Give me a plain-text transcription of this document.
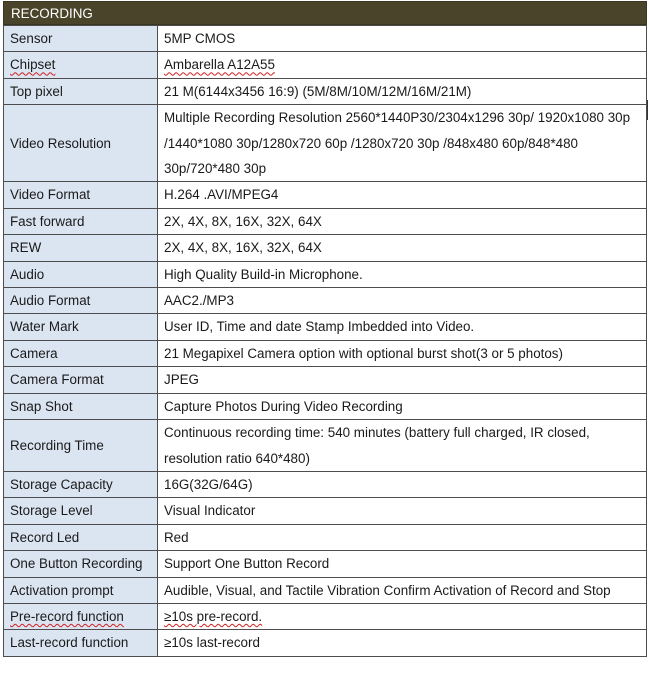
RECORDING
Sensor	5MP CMOS
Chipset	Ambarella A12A55
Top pixel	21 M(6144x3456 16:9) (5M/8M/10M/12M/16M/21M)
Video Resolution	Multiple Recording Resolution 2560*1440P30/2304x1296 30p/ 1920x1080 30p /1440*1080 30p/1280x720 60p /1280x720 30p /848x480 60p/848*480 30p/720*480 30p
Video Format	H.264 .AVI/MPEG4
Fast forward	2X, 4X, 8X, 16X, 32X, 64X
REW	2X, 4X, 8X, 16X, 32X, 64X
Audio	High Quality Build-in Microphone.
Audio Format	AAC2./MP3
Water Mark	User ID, Time and date Stamp Imbedded into Video.
Camera	21 Megapixel Camera option with optional burst shot(3 or 5 photos)
Camera Format	JPEG
Snap Shot	Capture Photos During Video Recording
Recording Time	Continuous recording time: 540 minutes (battery full charged, IR closed, resolution ratio 640*480)
Storage Capacity	16G(32G/64G)
Storage Level	Visual Indicator
Record Led	Red
One Button Recording	Support One Button Record
Activation prompt	Audible, Visual, and Tactile Vibration Confirm Activation of Record and Stop
Pre-record function	≥10s pre-record.
Last-record function	≥10s last-record
